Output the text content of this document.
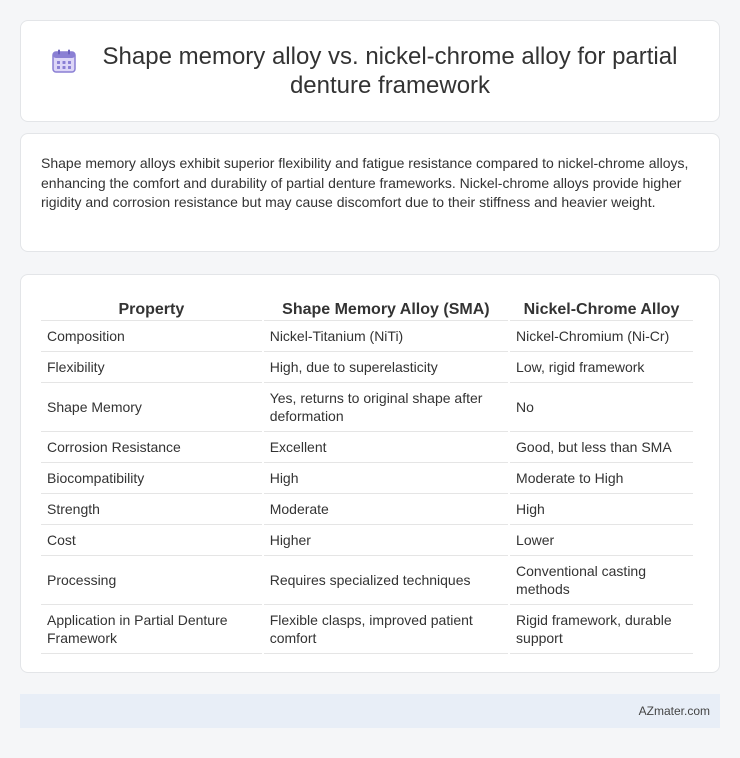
Shape memory alloy vs. nickel-chrome alloy for partial denture framework

Shape memory alloys exhibit superior flexibility and fatigue resistance compared to nickel-chrome alloys, enhancing the comfort and durability of partial denture frameworks. Nickel-chrome alloys provide higher rigidity and corrosion resistance but may cause discomfort due to their stiffness and heavier weight.

Property	Shape Memory Alloy (SMA)	Nickel-Chrome Alloy
Composition	Nickel-Titanium (NiTi)	Nickel-Chromium (Ni-Cr)
Flexibility	High, due to superelasticity	Low, rigid framework
Shape Memory	Yes, returns to original shape after deformation	No
Corrosion Resistance	Excellent	Good, but less than SMA
Biocompatibility	High	Moderate to High
Strength	Moderate	High
Cost	Higher	Lower
Processing	Requires specialized techniques	Conventional casting methods
Application in Partial Denture Framework	Flexible clasps, improved patient comfort	Rigid framework, durable support
AZmater.com
